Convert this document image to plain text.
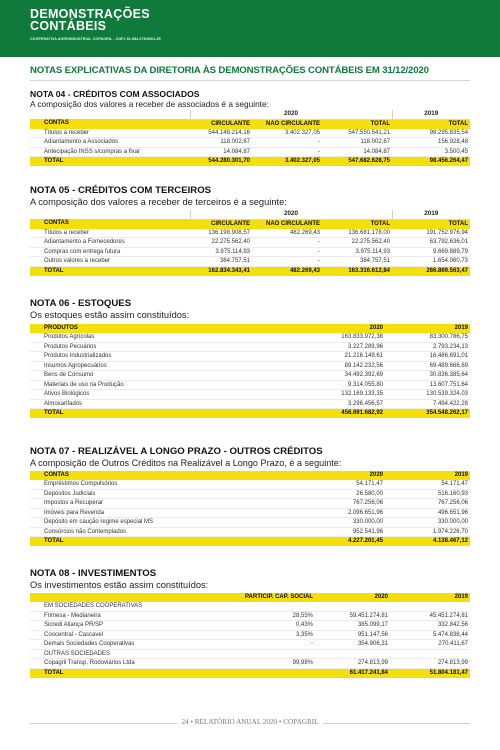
DEMONSTRAÇÕES
CONTÁBEIS
COOPERATIVA AGROINDUSTRIAL COPAGRIL - CNPJ 81.584.278/0001-55
NOTAS EXPLICATIVAS DA DIRETORIA ÀS DEMONSTRAÇÕES CONTÁBEIS EM 31/12/2020
NOTA 04 - CRÉDITOS COM ASSOCIADOS
A composição dos valores a receber de associados é a seguinte:
	2020			2019
CONTAS	CIRCULANTE	NÃO CIRCULANTE	TOTAL	TOTAL
Títulos a receber	544.148.214,16	3.402.327,05	547.550.541,21	98.295.835,54
Adiantamento a Associados	118.002,67	-	118.002,67	156.928,48
Antecipação INSS s/compras a fixar	14.084,87	-	14.084,87	3.500,45
TOTAL	544.280.301,70	3.402.327,05	547.682.628,75	98.456.264,47
NOTA 05 - CRÉDITOS COM TERCEIROS
A composição dos valores a receber de terceiros é a seguinte:
	2020			2019
CONTAS	CIRCULANTE	NÃO CIRCULANTE	TOTAL	TOTAL
Títulos a receber	136.198.908,57	482.269,43	136.681.178,00	191.752.976,94
Adiantamento a Fornecedores	22.275.562,40	-	22.275.562,40	63.792.636,01
Compras com entrega futura	3.975.114,93	-	3.975.114,93	9.669.889,79
Outros valores a receber	384.757,51	-	384.757,51	1.654.060,73
TOTAL	162.834.343,41	482.269,43	163.316.612,84	266.869.563,47
NOTA 06 - ESTOQUES
Os estoques estão assim constituídos:
PRODUTOS	2020	2019
Produtos Agrícolas	163.833.972,38	83.300.786,75
Produtos Pecuários	3.227.289,96	2.793.234,13
Produtos Industrializados	21.216.149,61	16.486.691,01
Insumos Agropecuários	89.142.232,56	69.489.666,69
Bens de Consumo	34.492.392,69	30.836.385,64
Materiais de uso na Produção	9.314.055,80	13.607.751,64
Ativos Biológicos	132.169.133,35	130.539.324,03
Almoxarifados	3.296.456,57	7.494.422,28
TOTAL	456.691.682,92	354.548.262,17
NOTA 07 - REALIZÁVEL A LONGO PRAZO - OUTROS CRÉDITOS
A composição de Outros Créditos na Realizável a Longo Prazo, é a seguinte:
CONTAS	2020	2019
Empréstimos Compulsórios	54.171,47	54.171,47
Depósitos Judiciais	26.580,00	516.160,93
Impostos a Recuperar	767.256,06	767.256,06
Imóveis para Revenda	2.096.651,96	496.651,96
Depósito em caução regime especial MS	330.000,00	330.000,00
Consórcios não Contemplados	952.541,96	1.974.226,70
TOTAL	4.227.201,45	4.138.467,12
NOTA 08 - INVESTIMENTOS
Os investimentos estão assim constituídos:
	PARTICIP. CAP. SOCIAL	2020	2019
EM SOCIEDADES COOPERATIVAS			
Frimesa - Medianeira	28,55%	59.451.274,81	45.451.274,81
Sicredi Aliança PR/SP	0,43%	385.099,17	332.842,56
Coocentral - Cascavel	3,35%	951.147,56	5.474.838,44
Demais Sociedades Cooperativas	-	354.906,31	270.411,67
OUTRAS SOCIEDADES			
Copagril Transp. Rodoviários Ltda	99,98%	274.813,99	274.813,99
TOTAL		61.417.241,84	51.804.181,47
24 • RELATÓRIO ANUAL 2020 • COPAGRIL
